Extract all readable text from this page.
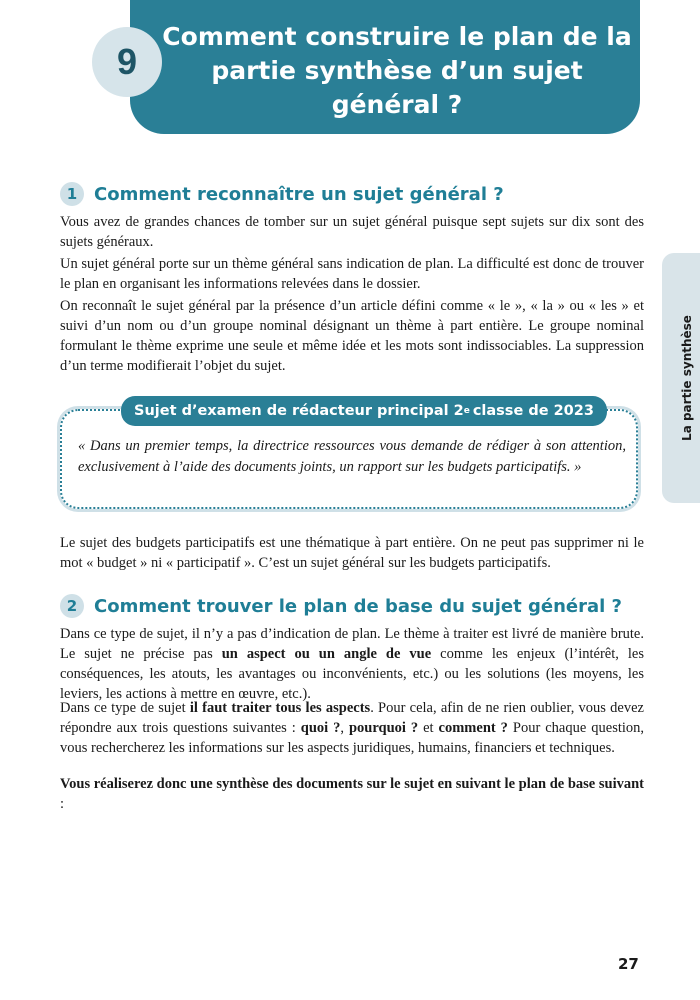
9
Comment construire le plan de la partie synthèse d’un sujet général ?
La partie synthèse
1 Comment reconnaître un sujet général ?

Vous avez de grandes chances de tomber sur un sujet général puisque sept sujets sur dix sont des sujets généraux.

Un sujet général porte sur un thème général sans indication de plan. La difficulté est donc de trouver le plan en organisant les informations relevées dans le dossier.

On reconnaît le sujet général par la présence d’un article défini comme « le », « la » ou « les » et suivi d’un nom ou d’un groupe nominal désignant un thème à part entière. Le groupe nominal formulant le thème exprime une seule et même idée et les mots sont indissociables. La suppression d’un terme modifierait l’objet du sujet.

Sujet d’examen de rédacteur principal 2 e classe de 2023

« Dans un premier temps, la directrice ressources vous demande de rédiger à son attention, exclusivement à l’aide des documents joints, un rapport sur les budgets participatifs. »

Le sujet des budgets participatifs est une thématique à part entière. On ne peut pas supprimer ni le mot « budget » ni « participatif ». C’est un sujet général sur les budgets participatifs.

2 Comment trouver le plan de base du sujet général ?

Dans ce type de sujet, il n’y a pas d’indication de plan. Le thème à traiter est livré de manière brute. Le sujet ne précise pas un aspect ou un angle de vue comme les enjeux (l’intérêt, les conséquences, les atouts, les avantages ou inconvénients, etc.) ou les solutions (les moyens, les leviers, les actions à mettre en œuvre, etc.).

Dans ce type de sujet il faut traiter tous les aspects. Pour cela, afin de ne rien oublier, vous devez répondre aux trois questions suivantes : quoi ?, pourquoi ? et comment ? Pour chaque question, vous rechercherez les informations sur les aspects juridiques, humains, financiers et techniques.

Vous réaliserez donc une synthèse des documents sur le sujet en suivant le plan de base suivant :

27
